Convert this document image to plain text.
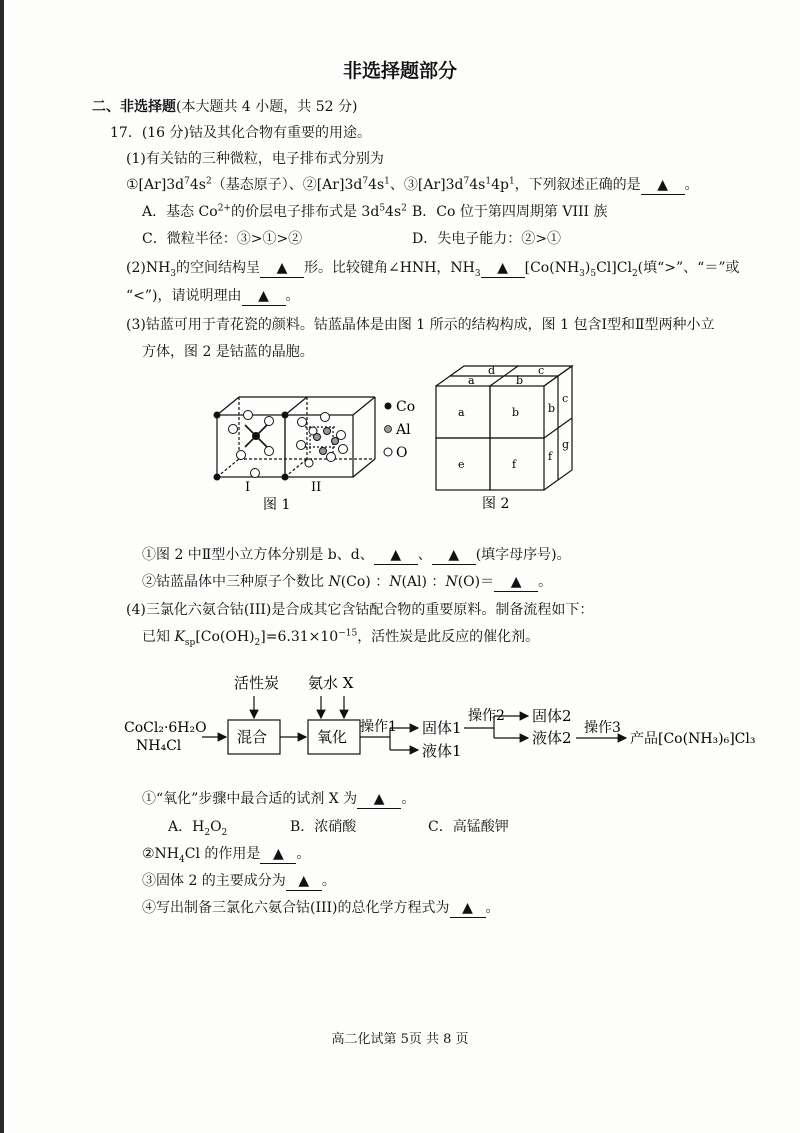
非选择题部分
二、非选择题(本大题共 4 小题，共 52 分)
17．(16 分)钴及其化合物有重要的用途。
(1)有关钴的三种微粒，电子排布式分别为
$①[Ar]3d^74s^2$（基态原子）、$②[Ar]3d^74s^1$、$③[Ar]3d^74s^14p^1$，下列叙述正确的是 ▲ 。
A．基态 $Co^{2+}$的价层电子排布式是 $3d^54s^2$ B．Co 位于第四周期第 VIII 族
C．微粒半径：③>①>②	D．失电子能力：②>①
$(2)NH_3$的空间结构呈 ▲ 形。比较键角∠HNH，$NH_3$ ▲ $[Co(NH_3)_5Cl]Cl_2$(填“>”、“＝”或
“<”)，请说明理由 ▲ 。
(3)钴蓝可用于青花瓷的颜料。钴蓝晶体是由图 1 所示的结构构成，图 1 包含Ⅰ型和Ⅱ型两种小立
方体，图 2 是钴蓝的晶胞。
Co
Al
O
I	II
图 1
d	c
a	b
a	b	b
c
e	f
f
g
图 2
①图 2 中Ⅱ型小立方体分别是 b、d、 ▲ 、 ▲ (填字母序号)。
②钴蓝晶体中三种原子个数比 N(Co) ：N(Al) ：N(O)＝ ▲ 。
(4)三氯化六氨合钴(III)是合成其它含钴配合物的重要原料。制备流程如下：
已知 $K_{sp}[Co(OH)_2]=6.31\times 10^{-15}$，活性炭是此反应的催化剂。
活性炭 氨水 X
CoCl₂·6H₂O
NH₄Cl	混合	氧化
操作1 固体1
液体1
操作2 固体2
液体2
操作3
产品[Co(NH₃)₆]Cl₃
①“氧化”步骤中最合适的试剂 X 为 ▲ 。
A．$H_2O_2$	B．浓硝酸	C．高锰酸钾
$②NH_4Cl$ 的作用是 ▲ 。
③固体 2 的主要成分为 ▲ 。
④写出制备三氯化六氨合钴(III)的总化学方程式为 ▲ 。
高二化试第 5页 共 8 页
